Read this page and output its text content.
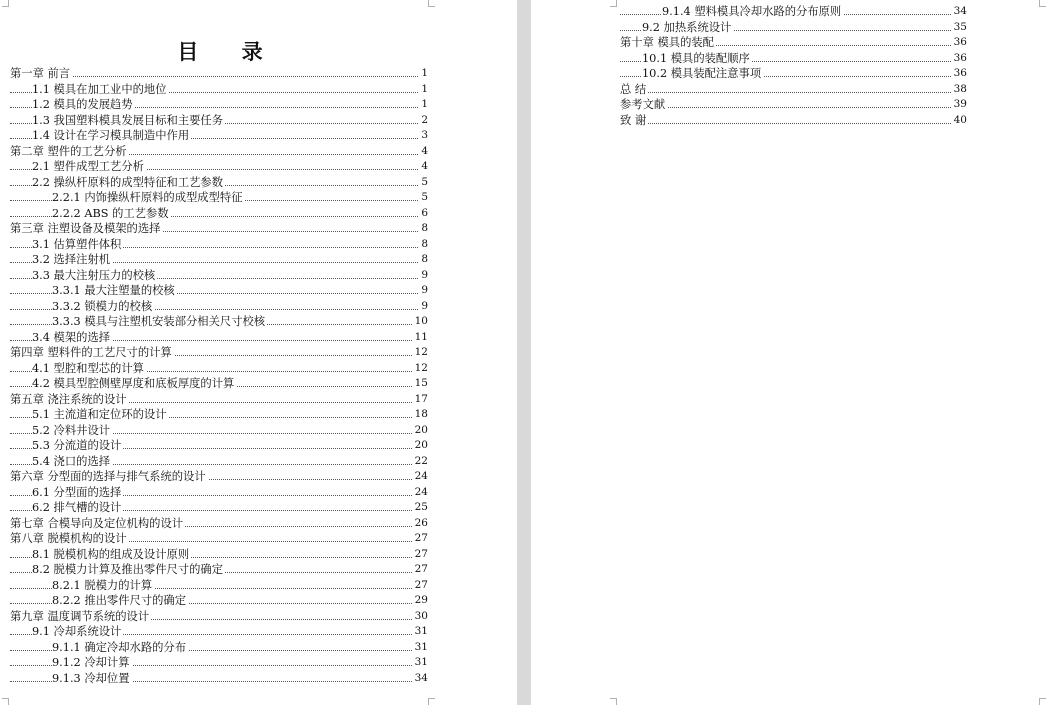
目 录
第一章 前言	1
1.1 模具在加工业中的地位	1
1.2 模具的发展趋势	1
1.3 我国塑料模具发展目标和主要任务	2
1.4 设计在学习模具制造中作用	3
第二章 塑件的工艺分析	4
2.1 塑件成型工艺分析	4
2.2 操纵杆原料的成型特征和工艺参数	5
2.2.1 内饰操纵杆原料的成型成型特征	5
2.2.2 ABS 的工艺参数	6
第三章 注塑设备及模架的选择	8
3.1 估算塑件体积	8
3.2 选择注射机	8
3.3 最大注射压力的校核	9
3.3.1 最大注塑量的校核	9
3.3.2 锁模力的校核	9
3.3.3 模具与注塑机安装部分相关尺寸校核	10
3.4 模架的选择	11
第四章 塑料件的工艺尺寸的计算	12
4.1 型腔和型芯的计算	12
4.2 模具型腔侧壁厚度和底板厚度的计算	15
第五章 浇注系统的设计	17
5.1 主流道和定位环的设计	18
5.2 冷料井设计	20
5.3 分流道的设计	20
5.4 浇口的选择	22
第六章 分型面的选择与排气系统的设计	24
6.1 分型面的选择	24
6.2 排气槽的设计	25
第七章 合模导向及定位机构的设计	26
第八章 脱模机构的设计	27
8.1 脱模机构的组成及设计原则	27
8.2 脱模力计算及推出零件尺寸的确定	27
8.2.1 脱模力的计算	27
8.2.2 推出零件尺寸的确定	29
第九章 温度调节系统的设计	30
9.1 冷却系统设计	31
9.1.1 确定冷却水路的分布	31
9.1.2 冷却计算	31
9.1.3 冷却位置	34
9.1.4 塑料模具冷却水路的分布原则	34
9.2 加热系统设计	35
第十章 模具的装配	36
10.1 模具的装配顺序	36
10.2 模具装配注意事项	36
总 结	38
参考文献	39
致 谢	40
